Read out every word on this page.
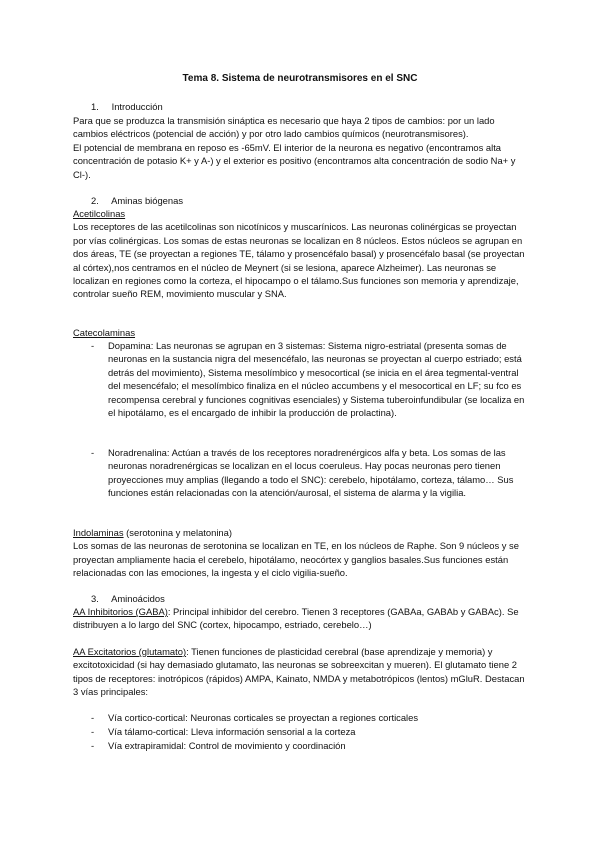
Tema 8. Sistema de neurotransmisores en el SNC
1. Introducción

Para que se produzca la transmisión sináptica es necesario que haya 2 tipos de cambios: por un lado cambios eléctricos (potencial de acción) y por otro lado cambios químicos (neurotransmisores).

El potencial de membrana en reposo es -65mV. El interior de la neurona es negativo (encontramos alta concentración de potasio K+ y A-) y el exterior es positivo (encontramos alta concentración de sodio Na+ y Cl-).

2. Aminas biógenas

Acetilcolinas

Los receptores de las acetilcolinas son nicotínicos y muscarínicos. Las neuronas colinérgicas se proyectan por vías colinérgicas. Los somas de estas neuronas se localizan en 8 núcleos. Estos núcleos se agrupan en dos áreas, TE (se proyectan a regiones TE, tálamo y prosencéfalo basal) y prosencéfalo basal (se proyectan al córtex),nos centramos en el núcleo de Meynert (si se lesiona, aparece Alzheimer). Las neuronas se localizan en regiones como la corteza, el hipocampo o el tálamo.Sus funciones son memoria y aprendizaje, controlar sueño REM, movimiento muscular y SNA.

Catecolaminas

- Dopamina: Las neuronas se agrupan en 3 sistemas: Sistema nigro-estriatal (presenta somas de neuronas en la sustancia nigra del mesencéfalo, las neuronas se proyectan al cuerpo estriado; está detrás del movimiento), Sistema mesolímbico y mesocortical (se inicia en el área tegmental-ventral del mesencéfalo; el mesolímbico finaliza en el núcleo accumbens y el mesocortical en LF; su fco es recompensa cerebral y funciones cognitivas esenciales) y Sistema tuberoinfundibular (se localiza en el hipotálamo, es el encargado de inhibir la producción de prolactina).
- Noradrenalina: Actúan a través de los receptores noradrenérgicos alfa y beta. Los somas de las neuronas noradrenérgicas se localizan en el locus coeruleus. Hay pocas neuronas pero tienen proyecciones muy amplias (llegando a todo el SNC): cerebelo, hipotálamo, corteza, tálamo… Sus funciones están relacionadas con la atención/aurosal, el sistema de alarma y la vigilia.

Indolaminas (serotonina y melatonina)

Los somas de las neuronas de serotonina se localizan en TE, en los núcleos de Raphe. Son 9 núcleos y se proyectan ampliamente hacia el cerebelo, hipotálamo, neocórtex y ganglios basales.Sus funciones están relacionadas con las emociones, la ingesta y el ciclo vigilia-sueño.

3. Aminoácidos

AA Inhibitorios (GABA): Principal inhibidor del cerebro. Tienen 3 receptores (GABAa, GABAb y GABAc). Se distribuyen a lo largo del SNC (cortex, hipocampo, estriado, cerebelo…)

AA Excitatorios (glutamato): Tienen funciones de plasticidad cerebral (base aprendizaje y memoria) y excitotoxicidad (si hay demasiado glutamato, las neuronas se sobreexcitan y mueren). El glutamato tiene 2 tipos de receptores: inotrópicos (rápidos) AMPA, Kainato, NMDA y metabotrópicos (lentos) mGluR. Destacan 3 vías principales:

- Vía cortico-cortical: Neuronas corticales se proyectan a regiones corticales
- Vía tálamo-cortical: Lleva información sensorial a la corteza
- Vía extrapiramidal: Control de movimiento y coordinación
